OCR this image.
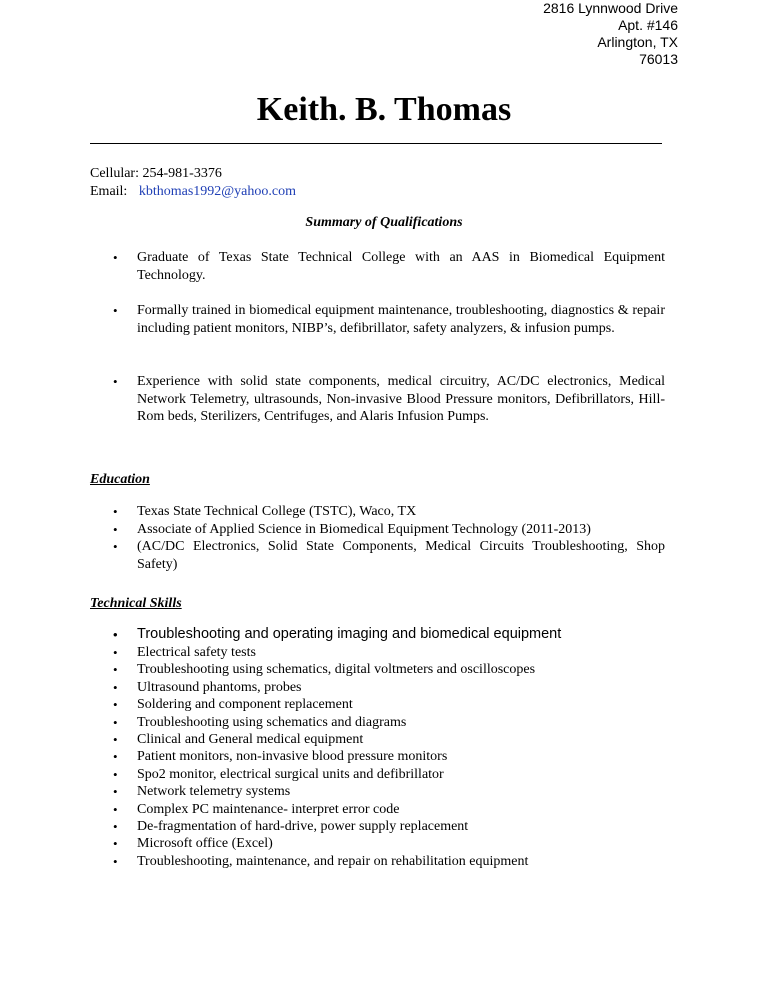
2816 Lynnwood Drive
Apt. #146
Arlington, TX
76013
Keith. B. Thomas
Cellular: 254-981-3376
Email: kbthomas1992@yahoo.com
Summary of Qualifications
• Graduate of Texas State Technical College with an AAS in Biomedical Equipment Technology.
• Formally trained in biomedical equipment maintenance, troubleshooting, diagnostics & repair including patient monitors, NIBP’s, defibrillator, safety analyzers, & infusion pumps.
• Experience with solid state components, medical circuitry, AC/DC electronics, Medical Network Telemetry, ultrasounds, Non-invasive Blood Pressure monitors, Defibrillators, Hill-Rom beds, Sterilizers, Centrifuges, and Alaris Infusion Pumps.
Education
• Texas State Technical College (TSTC), Waco, TX
• Associate of Applied Science in Biomedical Equipment Technology (2011-2013)
• (AC/DC Electronics, Solid State Components, Medical Circuits Troubleshooting, Shop Safety)
Technical Skills
• Troubleshooting and operating imaging and biomedical equipment
• Electrical safety tests
• Troubleshooting using schematics, digital voltmeters and oscilloscopes
• Ultrasound phantoms, probes
• Soldering and component replacement
• Troubleshooting using schematics and diagrams
• Clinical and General medical equipment
• Patient monitors, non-invasive blood pressure monitors
• Spo2 monitor, electrical surgical units and defibrillator
• Network telemetry systems
• Complex PC maintenance- interpret error code
• De-fragmentation of hard-drive, power supply replacement
• Microsoft office (Excel)
• Troubleshooting, maintenance, and repair on rehabilitation equipment
